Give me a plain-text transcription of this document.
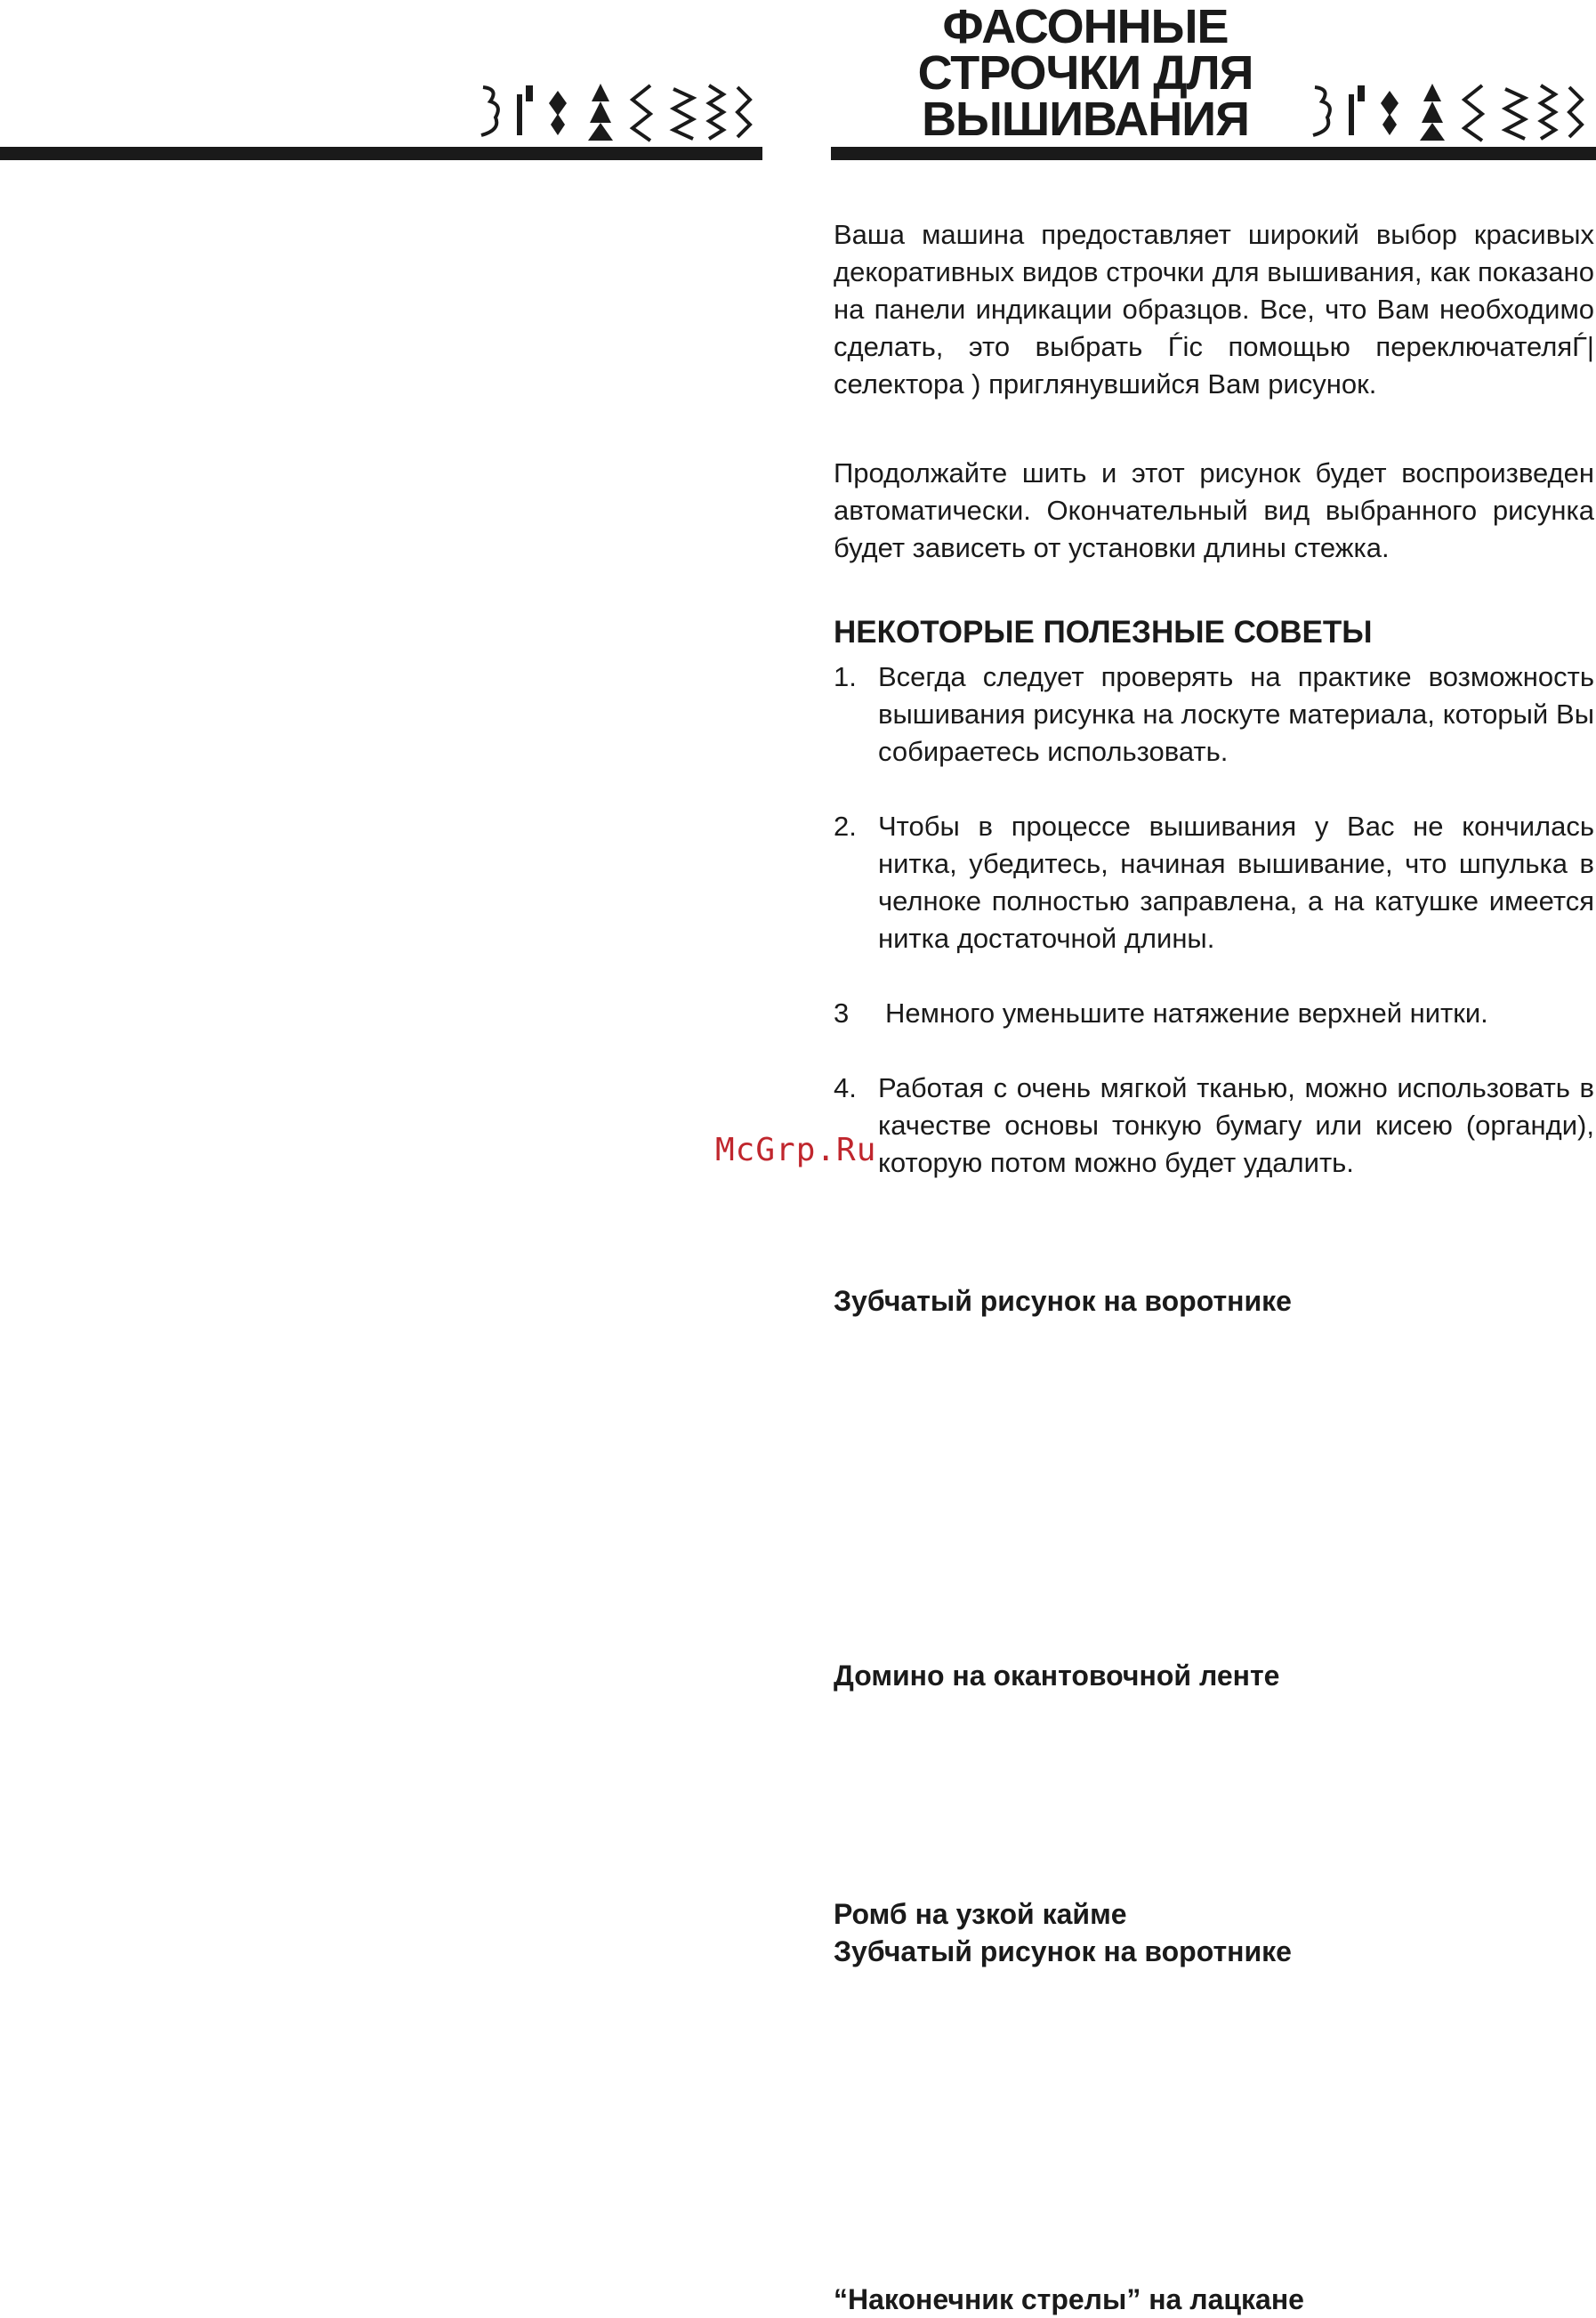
ФАСОННЫЕ
СТРОЧКИ ДЛЯ
ВЫШИВАНИЯ

Ваша машина предоставляет широкий выбор красивых декоративных видов строчки для вышивания, как показано на панели индикации образцов. Все, что Вам необходимо сделать, это выбрать Ѓіс помощью переключателяЃ|селектора ) приглянувшийся Вам рисунок.

Продолжайте шить и этот рисунок будет воспроизведен автоматически. Окончательный вид выбранного рисунка будет зависеть от установки длины стежка.

НЕКОТОРЫЕ ПОЛЕЗНЫЕ СОВЕТЫ
1. Всегда следует проверять на практике возможность вышивания рисунка на лоскуте материала, который Вы собираетесь использовать.
2. Чтобы в процессе вышивания у Вас не кончилась нитка, убедитесь, начиная вышивание, что шпулька в челноке полностью заправлена, а на катушке имеется нитка достаточной длины.
3 Немного уменьшите натяжение верхней нитки.
4. Работая с очень мягкой тканью, можно использовать в качестве основы тонкую бумагу или кисею (органди), которую потом можно будет удалить.
McGrp.Ru
Зубчатый рисунок на воротнике
Домино на окантовочной ленте
Ромб на узкой кайме
Зубчатый рисунок на воротнике
“Наконечник стрелы” на лацкане
